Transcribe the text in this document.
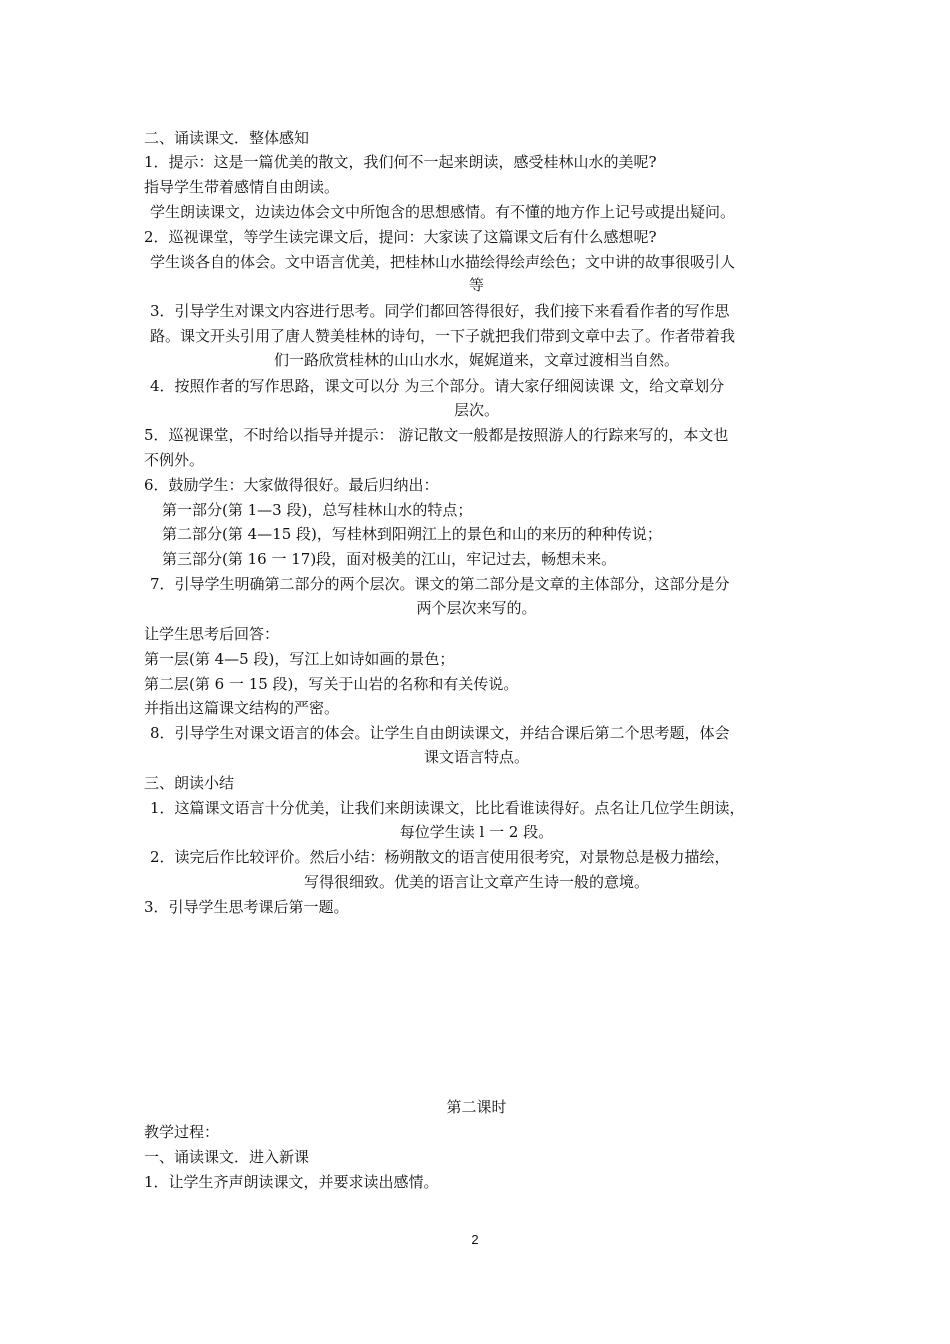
二、诵读课文．整体感知
1．提示：这是一篇优美的散文，我们何不一起来朗读，感受桂林山水的美呢?
指导学生带着感情自由朗读。
学生朗读课文，边读边体会文中所饱含的思想感情。有不懂的地方作上记号或提出疑问。
2．巡视课堂，等学生读完课文后，提问：大家读了这篇课文后有什么感想呢?
学生谈各自的体会。文中语言优美，把桂林山水描绘得绘声绘色；文中讲的故事很吸引人
等
3．引导学生对课文内容进行思考。同学们都回答得很好，我们接下来看看作者的写作思
路。课文开头引用了唐人赞美桂林的诗句，一下子就把我们带到文章中去了。作者带着我
们一路欣赏桂林的山山水水，娓娓道来，文章过渡相当自然。
4．按照作者的写作思路，课文可以分 为三个部分。请大家仔细阅读课 文，给文章划分
层次。
5．巡视课堂，不时给以指导并提示： 游记散文一般都是按照游人的行踪来写的，本文也
不例外。
6．鼓励学生：大家做得很好。最后归纳出：
第一部分(第 1—3 段)，总写桂林山水的特点；
第二部分(第 4—15 段)，写桂林到阳朔江上的景色和山的来历的种种传说；
第三部分(第 16 一 17)段，面对极美的江山，牢记过去，畅想未来。
7．引导学生明确第二部分的两个层次。课文的第二部分是文章的主体部分，这部分是分
两个层次来写的。
让学生思考后回答：
第一层(第 4—5 段)，写江上如诗如画的景色；
第二层(第 6 一 15 段)，写关于山岩的名称和有关传说。
并指出这篇课文结构的严密。
8．引导学生对课文语言的体会。让学生自由朗读课文，并结合课后第二个思考题，体会
课文语言特点。
三、朗读小结
1．这篇课文语言十分优美，让我们来朗读课文，比比看谁读得好。点名让几位学生朗读，
每位学生读 l 一 2 段。
2．读完后作比较评价。然后小结：杨朔散文的语言使用很考究，对景物总是极力描绘，
写得很细致。优美的语言让文章产生诗一般的意境。
3．引导学生思考课后第一题。
第二课时
教学过程：
一、诵读课文．进入新课
1．让学生齐声朗读课文，并要求读出感情。
2
